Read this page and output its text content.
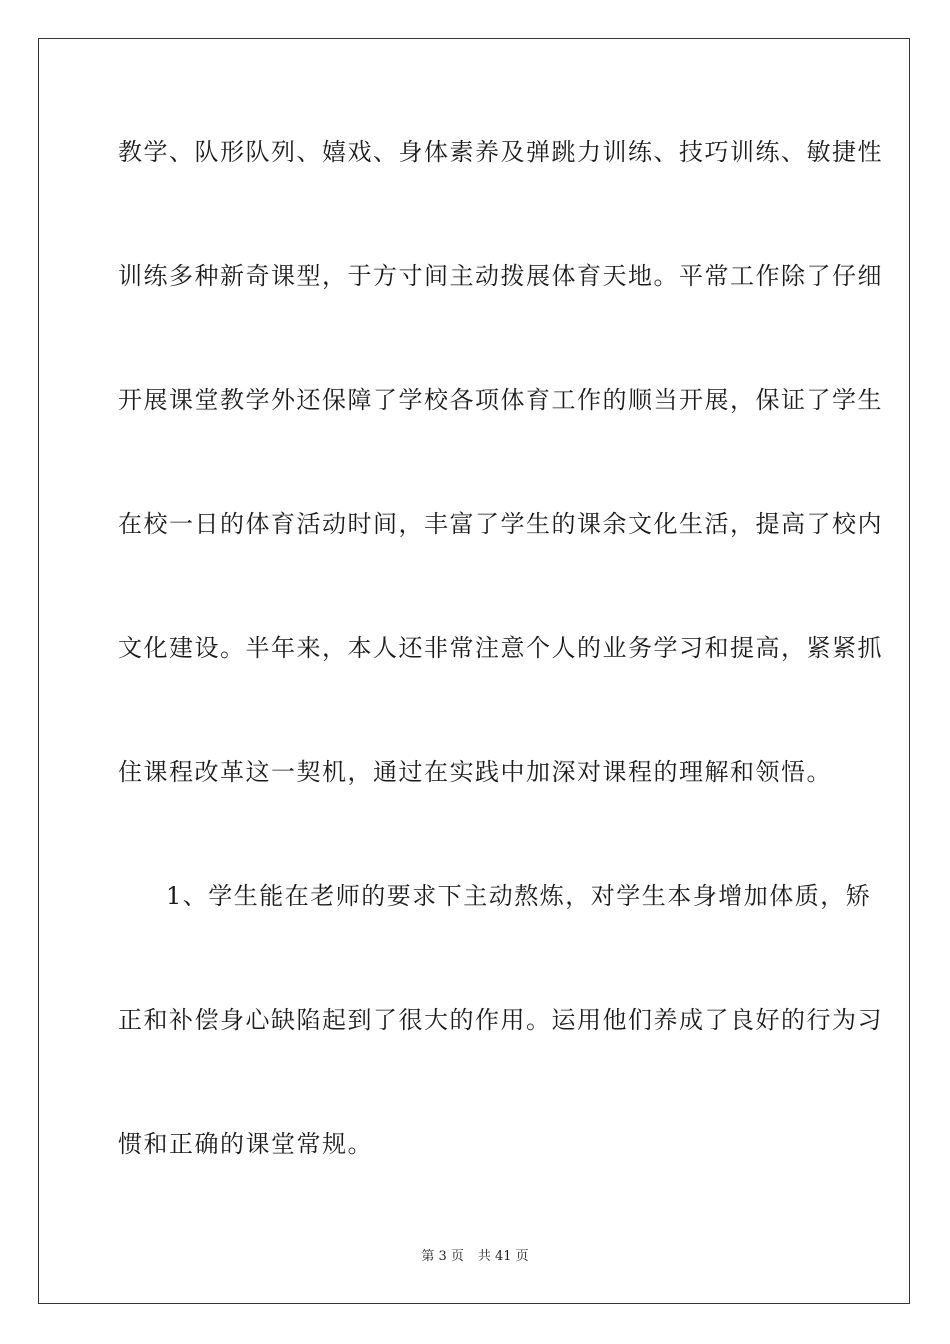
教学、队形队列、嬉戏、身体素养及弹跳力训练、技巧训练、敏捷性
训练多种新奇课型，于方寸间主动拨展体育天地。平常工作除了仔细
开展课堂教学外还保障了学校各项体育工作的顺当开展，保证了学生
在校一日的体育活动时间，丰富了学生的课余文化生活，提高了校内
文化建设。半年来，本人还非常注意个人的业务学习和提高，紧紧抓
住课程改革这一契机，通过在实践中加深对课程的理解和领悟。
1、学生能在老师的要求下主动熬炼，对学生本身增加体质，矫
正和补偿身心缺陷起到了很大的作用。运用他们养成了良好的行为习
惯和正确的课堂常规。
第 3 页 共 41 页
